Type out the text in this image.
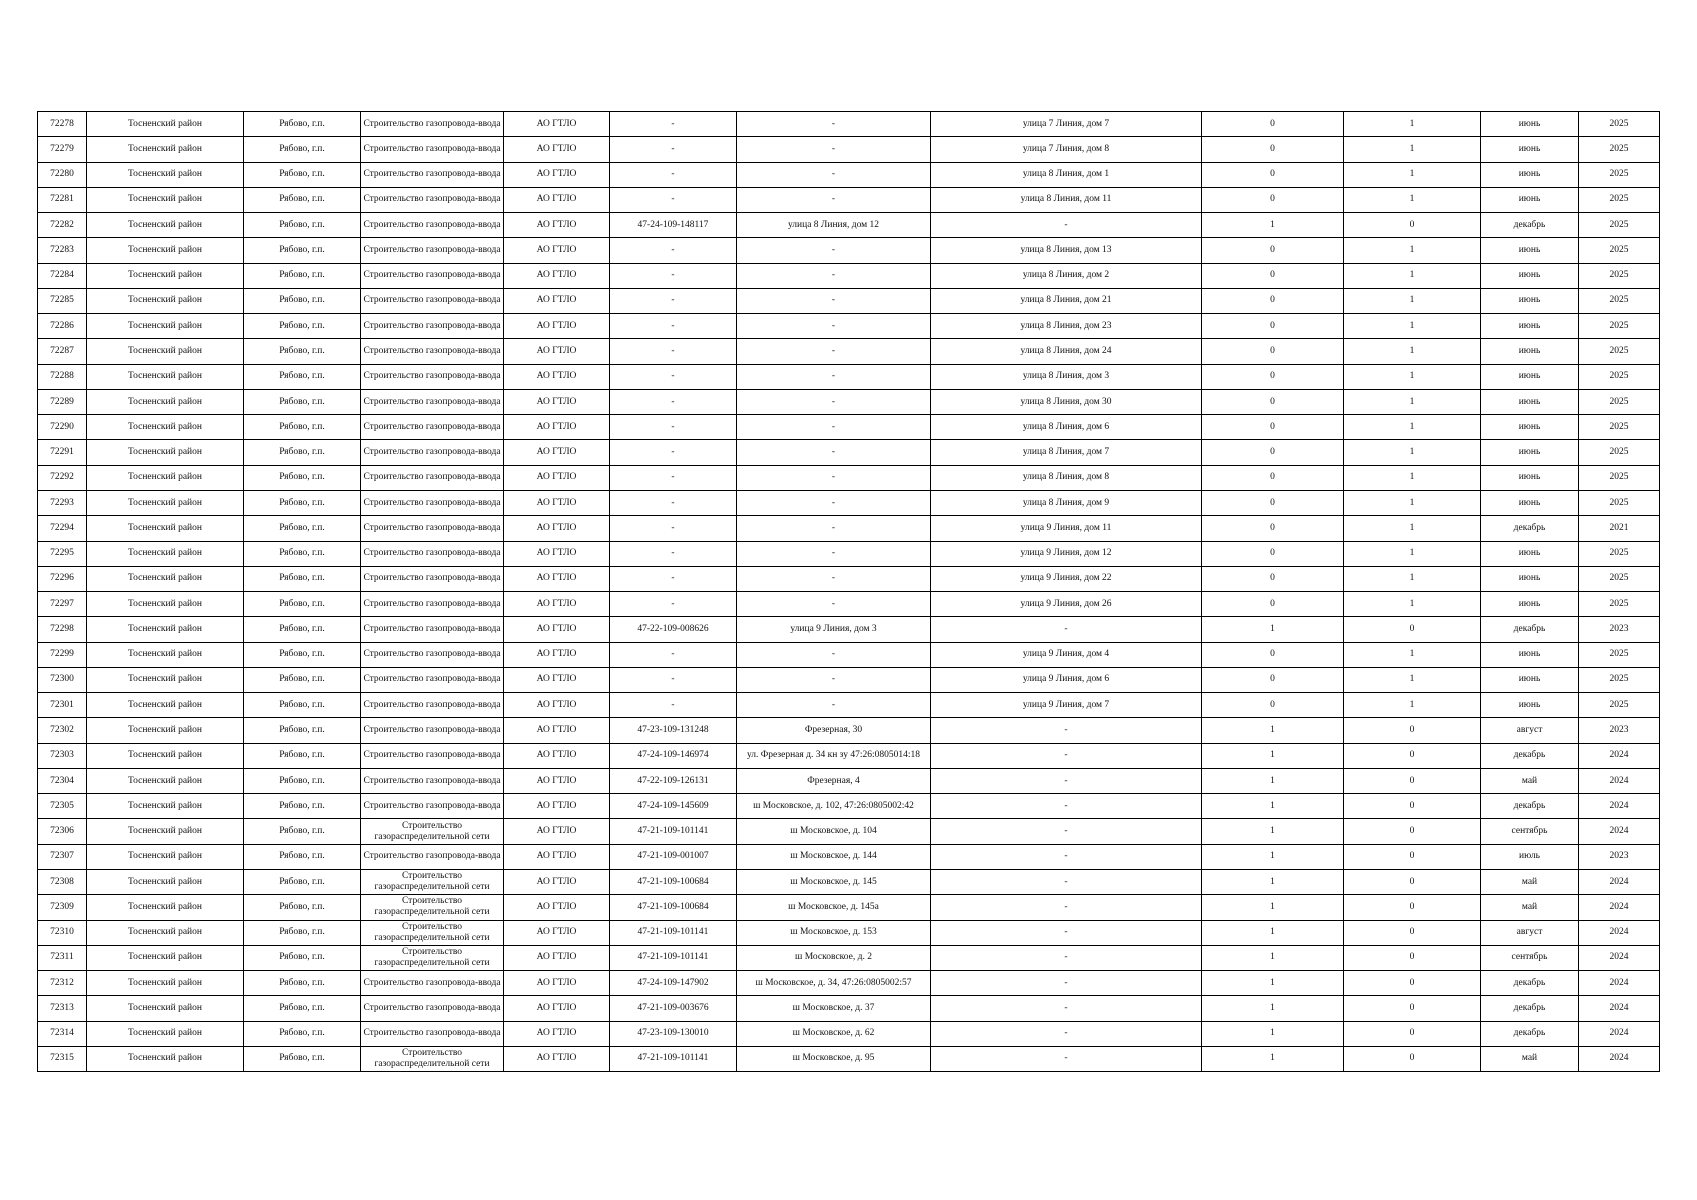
72278	Тосненский район	Рябово, г.п.	Строительство газопровода-ввода	АО ГТЛО	-	-	улица 7 Линия, дом 7	0	1	июнь	2025
72279	Тосненский район	Рябово, г.п.	Строительство газопровода-ввода	АО ГТЛО	-	-	улица 7 Линия, дом 8	0	1	июнь	2025
72280	Тосненский район	Рябово, г.п.	Строительство газопровода-ввода	АО ГТЛО	-	-	улица 8 Линия, дом 1	0	1	июнь	2025
72281	Тосненский район	Рябово, г.п.	Строительство газопровода-ввода	АО ГТЛО	-	-	улица 8 Линия, дом 11	0	1	июнь	2025
72282	Тосненский район	Рябово, г.п.	Строительство газопровода-ввода	АО ГТЛО	47-24-109-148117	улица 8 Линия, дом 12	-	1	0	декабрь	2025
72283	Тосненский район	Рябово, г.п.	Строительство газопровода-ввода	АО ГТЛО	-	-	улица 8 Линия, дом 13	0	1	июнь	2025
72284	Тосненский район	Рябово, г.п.	Строительство газопровода-ввода	АО ГТЛО	-	-	улица 8 Линия, дом 2	0	1	июнь	2025
72285	Тосненский район	Рябово, г.п.	Строительство газопровода-ввода	АО ГТЛО	-	-	улица 8 Линия, дом 21	0	1	июнь	2025
72286	Тосненский район	Рябово, г.п.	Строительство газопровода-ввода	АО ГТЛО	-	-	улица 8 Линия, дом 23	0	1	июнь	2025
72287	Тосненский район	Рябово, г.п.	Строительство газопровода-ввода	АО ГТЛО	-	-	улица 8 Линия, дом 24	0	1	июнь	2025
72288	Тосненский район	Рябово, г.п.	Строительство газопровода-ввода	АО ГТЛО	-	-	улица 8 Линия, дом 3	0	1	июнь	2025
72289	Тосненский район	Рябово, г.п.	Строительство газопровода-ввода	АО ГТЛО	-	-	улица 8 Линия, дом 30	0	1	июнь	2025
72290	Тосненский район	Рябово, г.п.	Строительство газопровода-ввода	АО ГТЛО	-	-	улица 8 Линия, дом 6	0	1	июнь	2025
72291	Тосненский район	Рябово, г.п.	Строительство газопровода-ввода	АО ГТЛО	-	-	улица 8 Линия, дом 7	0	1	июнь	2025
72292	Тосненский район	Рябово, г.п.	Строительство газопровода-ввода	АО ГТЛО	-	-	улица 8 Линия, дом 8	0	1	июнь	2025
72293	Тосненский район	Рябово, г.п.	Строительство газопровода-ввода	АО ГТЛО	-	-	улица 8 Линия, дом 9	0	1	июнь	2025
72294	Тосненский район	Рябово, г.п.	Строительство газопровода-ввода	АО ГТЛО	-	-	улица 9 Линия, дом 11	0	1	декабрь	2021
72295	Тосненский район	Рябово, г.п.	Строительство газопровода-ввода	АО ГТЛО	-	-	улица 9 Линия, дом 12	0	1	июнь	2025
72296	Тосненский район	Рябово, г.п.	Строительство газопровода-ввода	АО ГТЛО	-	-	улица 9 Линия, дом 22	0	1	июнь	2025
72297	Тосненский район	Рябово, г.п.	Строительство газопровода-ввода	АО ГТЛО	-	-	улица 9 Линия, дом 26	0	1	июнь	2025
72298	Тосненский район	Рябово, г.п.	Строительство газопровода-ввода	АО ГТЛО	47-22-109-008626	улица 9 Линия, дом 3	-	1	0	декабрь	2023
72299	Тосненский район	Рябово, г.п.	Строительство газопровода-ввода	АО ГТЛО	-	-	улица 9 Линия, дом 4	0	1	июнь	2025
72300	Тосненский район	Рябово, г.п.	Строительство газопровода-ввода	АО ГТЛО	-	-	улица 9 Линия, дом 6	0	1	июнь	2025
72301	Тосненский район	Рябово, г.п.	Строительство газопровода-ввода	АО ГТЛО	-	-	улица 9 Линия, дом 7	0	1	июнь	2025
72302	Тосненский район	Рябово, г.п.	Строительство газопровода-ввода	АО ГТЛО	47-23-109-131248	Фрезерная, 30	-	1	0	август	2023
72303	Тосненский район	Рябово, г.п.	Строительство газопровода-ввода	АО ГТЛО	47-24-109-146974	ул. Фрезерная д. 34 кн зу 47:26:0805014:18	-	1	0	декабрь	2024
72304	Тосненский район	Рябово, г.п.	Строительство газопровода-ввода	АО ГТЛО	47-22-109-126131	Фрезерная, 4	-	1	0	май	2024
72305	Тосненский район	Рябово, г.п.	Строительство газопровода-ввода	АО ГТЛО	47-24-109-145609	ш Московское, д. 102, 47:26:0805002:42	-	1	0	декабрь	2024
72306	Тосненский район	Рябово, г.п.	Строительство газораспределительной сети	АО ГТЛО	47-21-109-101141	ш Московское, д. 104	-	1	0	сентябрь	2024
72307	Тосненский район	Рябово, г.п.	Строительство газопровода-ввода	АО ГТЛО	47-21-109-001007	ш Московское, д. 144	-	1	0	июль	2023
72308	Тосненский район	Рябово, г.п.	Строительство газораспределительной сети	АО ГТЛО	47-21-109-100684	ш Московское, д. 145	-	1	0	май	2024
72309	Тосненский район	Рябово, г.п.	Строительство газораспределительной сети	АО ГТЛО	47-21-109-100684	ш Московское, д. 145а	-	1	0	май	2024
72310	Тосненский район	Рябово, г.п.	Строительство газораспределительной сети	АО ГТЛО	47-21-109-101141	ш Московское, д. 153	-	1	0	август	2024
72311	Тосненский район	Рябово, г.п.	Строительство газораспределительной сети	АО ГТЛО	47-21-109-101141	ш Московское, д. 2	-	1	0	сентябрь	2024
72312	Тосненский район	Рябово, г.п.	Строительство газопровода-ввода	АО ГТЛО	47-24-109-147902	ш Московское, д. 34, 47:26:0805002:57	-	1	0	декабрь	2024
72313	Тосненский район	Рябово, г.п.	Строительство газопровода-ввода	АО ГТЛО	47-21-109-003676	ш Московское, д. 37	-	1	0	декабрь	2024
72314	Тосненский район	Рябово, г.п.	Строительство газопровода-ввода	АО ГТЛО	47-23-109-130010	ш Московское, д. 62	-	1	0	декабрь	2024
72315	Тосненский район	Рябово, г.п.	Строительство газораспределительной сети	АО ГТЛО	47-21-109-101141	ш Московское, д. 95	-	1	0	май	2024
